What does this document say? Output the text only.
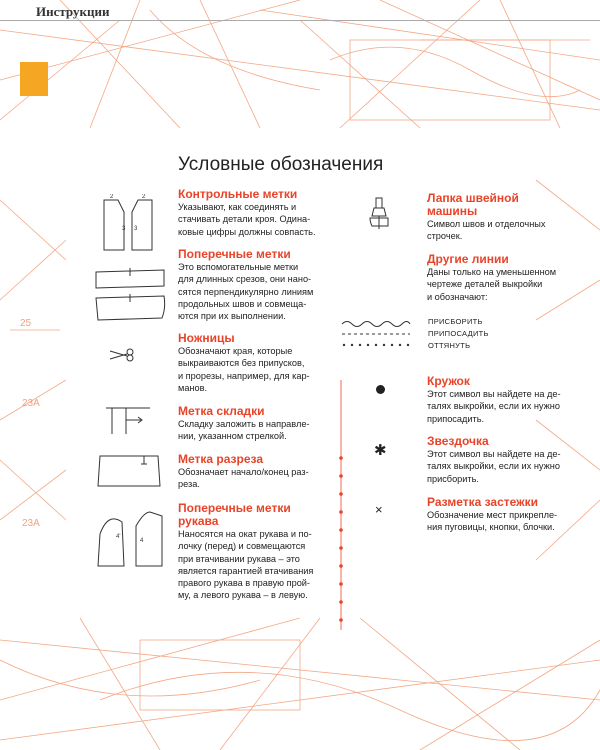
25
23А
23А
Инструкции
Условные обозначения
2	2
3 3
4'
4
Контрольные метки

Указывают, как соединять и

стачивать детали кроя. Одина-

ковые цифры должны совпасть.

Поперечные метки

Это вспомогательные метки

для длинных срезов, они нано-

сятся перпендикулярно линиям

продольных швов и совмеща-

ются при их выполнении.

Ножницы

Обозначают края, которые

выкраиваются без припусков,

и прорезы, например, для кар-

манов.

Метка складки

Складку заложить в направле-

нии, указанном стрелкой.

Метка разреза

Обозначает начало/конец раз-

реза.

Поперечные метки
рукава

Наносятся на окат рукава и по-

лочку (перед) и совмещаются

при втачивании рукава – это

является гарантией втачивания

правого рукава в правую прой-

му, а левого рукава – в левую.

✱
×
Лапка швейной
машины

Символ швов и отделочных

строчек.

Другие линии

Даны только на уменьшенном

чертеже деталей выкройки

и обозначают:

ПРИСБОРИТЬ
ПРИПОСАДИТЬ
ОТТЯНУТЬ
Кружок

Этот символ вы найдете на де-

талях выкройки, если их нужно

припосадить.

Звездочка

Этот символ вы найдете на де-

талях выкройки, если их нужно

присборить.

Разметка застежки

Обозначение мест прикрепле-

ния пуговицы, кнопки, блочки.
